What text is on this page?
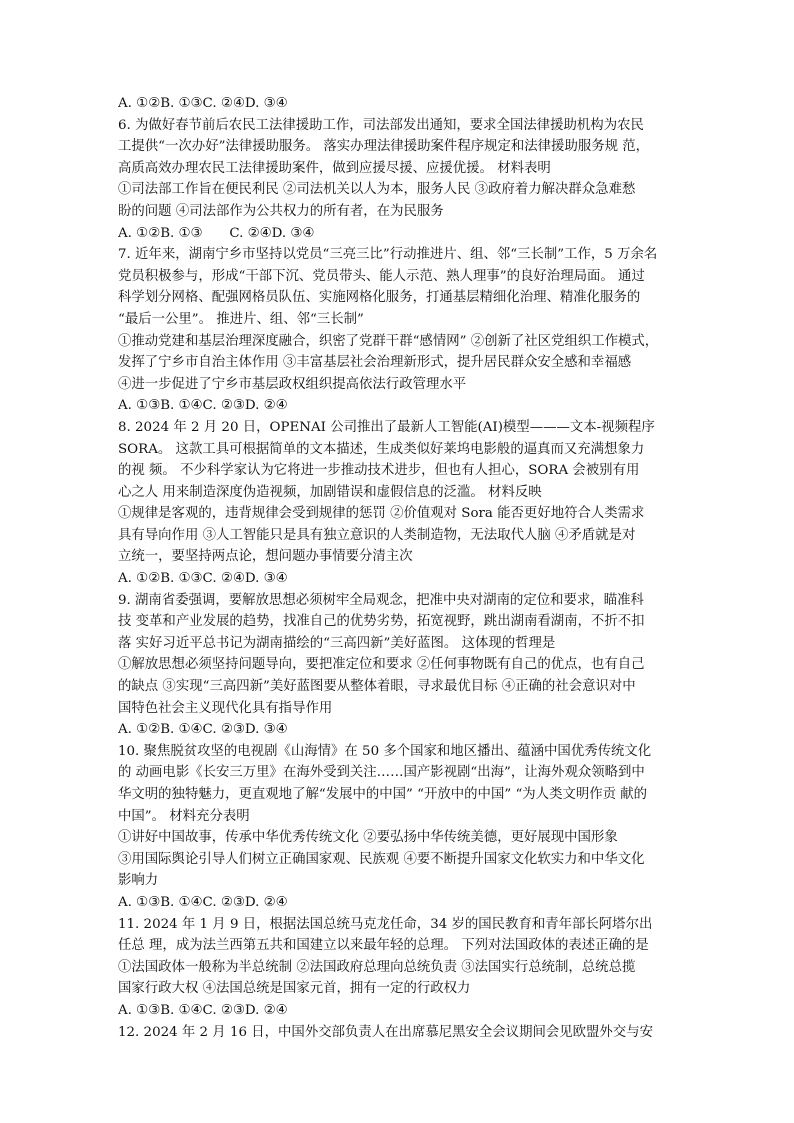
A. ①②B. ①③C. ②④D. ③④
6. 为做好春节前后农民工法律援助工作，司法部发出通知，要求全国法律援助机构为农民
工提供“一次办好”法律援助服务。 落实办理法律援助案件程序规定和法律援助服务规 范，
高质高效办理农民工法律援助案件，做到应援尽援、应援优援。 材料表明
①司法部工作旨在便民利民 ②司法机关以人为本，服务人民 ③政府着力解决群众急难愁
盼的问题 ④司法部作为公共权力的所有者，在为民服务
A. ①②B. ①③　　C. ②④D. ③④
7. 近年来，湖南宁乡市坚持以党员“三亮三比”行动推进片、组、邻“三长制”工作，5 万余名
党员积极参与，形成“干部下沉、党员带头、能人示范、熟人理事”的良好治理局面。 通过
科学划分网格、配强网格员队伍、实施网格化服务，打通基层精细化治理、精准化服务的
“最后一公里”。 推进片、组、邻“三长制”
①推动党建和基层治理深度融合，织密了党群干群“感情网” ②创新了社区党组织工作模式，
发挥了宁乡市自治主体作用 ③丰富基层社会治理新形式，提升居民群众安全感和幸福感
④进一步促进了宁乡市基层政权组织提高依法行政管理水平
A. ①③B. ①④C. ②③D. ②④
8. 2024 年 2 月 20 日，OPENAI 公司推出了最新人工智能(AI)模型———文本-视频程序
SORA。 这款工具可根据简单的文本描述，生成类似好莱坞电影般的逼真而又充满想象力
的视 频。 不少科学家认为它将进一步推动技术进步，但也有人担心，SORA 会被别有用
心之人 用来制造深度伪造视频，加剧错误和虚假信息的泛滥。 材料反映
①规律是客观的，违背规律会受到规律的惩罚 ②价值观对 Sora 能否更好地符合人类需求
具有导向作用 ③人工智能只是具有独立意识的人类制造物，无法取代人脑 ④矛盾就是对
立统一，要坚持两点论，想问题办事情要分清主次
A. ①②B. ①③C. ②④D. ③④
9. 湖南省委强调，要解放思想必须树牢全局观念，把准中央对湖南的定位和要求，瞄准科
技 变革和产业发展的趋势，找准自己的优势劣势，拓宽视野，跳出湖南看湖南，不折不扣
落 实好习近平总书记为湖南描绘的“三高四新”美好蓝图。 这体现的哲理是
①解放思想必须坚持问题导向，要把准定位和要求 ②任何事物既有自己的优点，也有自己
的缺点 ③实现“三高四新”美好蓝图要从整体着眼，寻求最优目标 ④正确的社会意识对中
国特色社会主义现代化具有指导作用
A. ①②B. ①④C. ②③D. ③④
10. 聚焦脱贫攻坚的电视剧《山海情》在 50 多个国家和地区播出、蕴涵中国优秀传统文化
的 动画电影《长安三万里》在海外受到关注……国产影视剧“出海”，让海外观众领略到中
华文明的独特魅力，更直观地了解“发展中的中国” “开放中的中国” “为人类文明作贡 献的
中国”。 材料充分表明
①讲好中国故事，传承中华优秀传统文化 ②要弘扬中华传统美德，更好展现中国形象
③用国际舆论引导人们树立正确国家观、民族观 ④要不断提升国家文化软实力和中华文化
影响力
A. ①③B. ①④C. ②③D. ②④
11. 2024 年 1 月 9 日，根据法国总统马克龙任命，34 岁的国民教育和青年部长阿塔尔出
任总 理，成为法兰西第五共和国建立以来最年轻的总理。 下列对法国政体的表述正确的是
①法国政体一般称为半总统制 ②法国政府总理向总统负责 ③法国实行总统制，总统总揽
国家行政大权 ④法国总统是国家元首，拥有一定的行政权力
A. ①③B. ①④C. ②③D. ②④
12. 2024 年 2 月 16 日，中国外交部负责人在出席慕尼黑安全会议期间会见欧盟外交与安
